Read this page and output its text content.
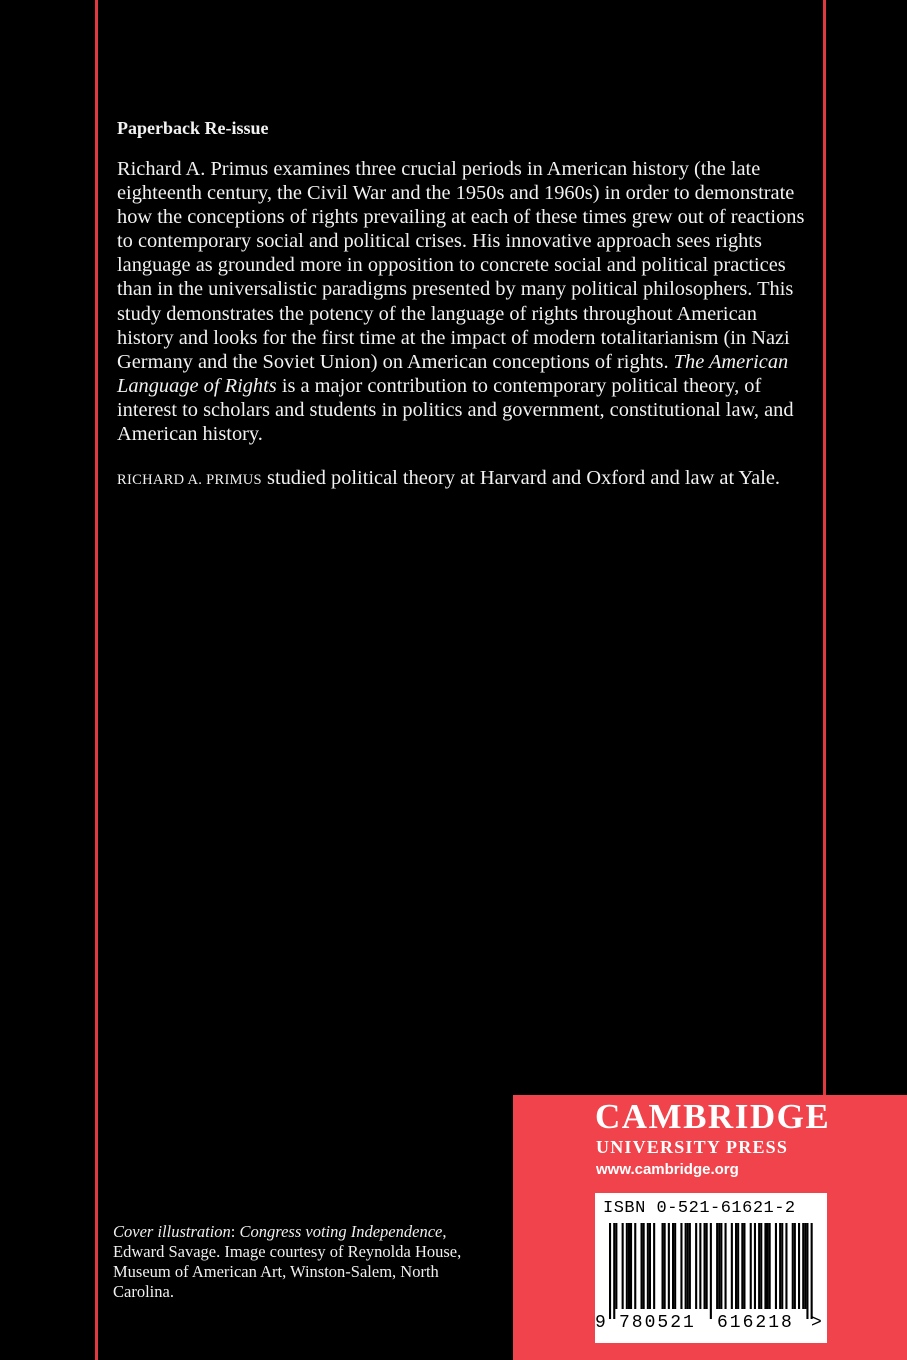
Paperback Re-issue

Richard A. Primus examines three crucial periods in American history (the late eighteenth century, the Civil War and the 1950s and 1960s) in order to demonstrate how the conceptions of rights prevailing at each of these times grew out of reactions to contemporary social and political crises. His innovative approach sees rights language as grounded more in opposition to concrete social and political practices than in the universalistic paradigms presented by many political philosophers. This study demonstrates the potency of the language of rights throughout American history and looks for the first time at the impact of modern totalitarianism (in Nazi Germany and the Soviet Union) on American conceptions of rights. The American Language of Rights is a major contribution to contemporary political theory, of interest to scholars and students in politics and government, constitutional law, and American history.

RICHARD A. PRIMUS studied political theory at Harvard and Oxford and law at Yale.
Cover illustration: Congress voting Independence, Edward Savage. Image courtesy of Reynolda House, Museum of American Art, Winston-Salem, North Carolina.
CAMBRIDGE
UNIVERSITY PRESS
www.cambridge.org
ISBN 0-521-61621-2
9 780521 616218 >
